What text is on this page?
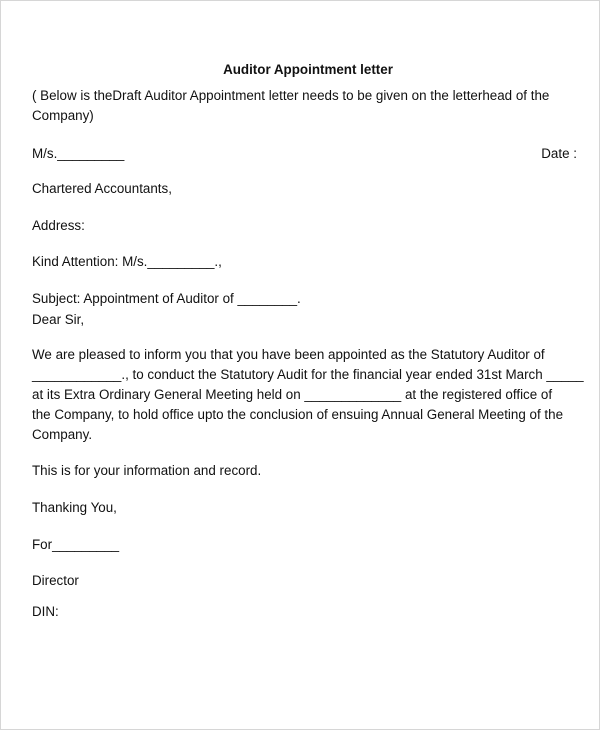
Auditor Appointment letter

( Below is theDraft Auditor Appointment letter needs to be given on the letterhead of the

Company)

M/s._________	Date :

Chartered Accountants,

Address:

Kind Attention: M/s._________.,

Subject: Appointment of Auditor of ________.

Dear Sir,

We are pleased to inform you that you have been appointed as the Statutory Auditor of

____________., to conduct the Statutory Audit for the financial year ended 31st March _____

at its Extra Ordinary General Meeting held on _____________ at the registered office of

the Company, to hold office upto the conclusion of ensuing Annual General Meeting of the

Company.

This is for your information and record.

Thanking You,

For_________

Director

DIN:
